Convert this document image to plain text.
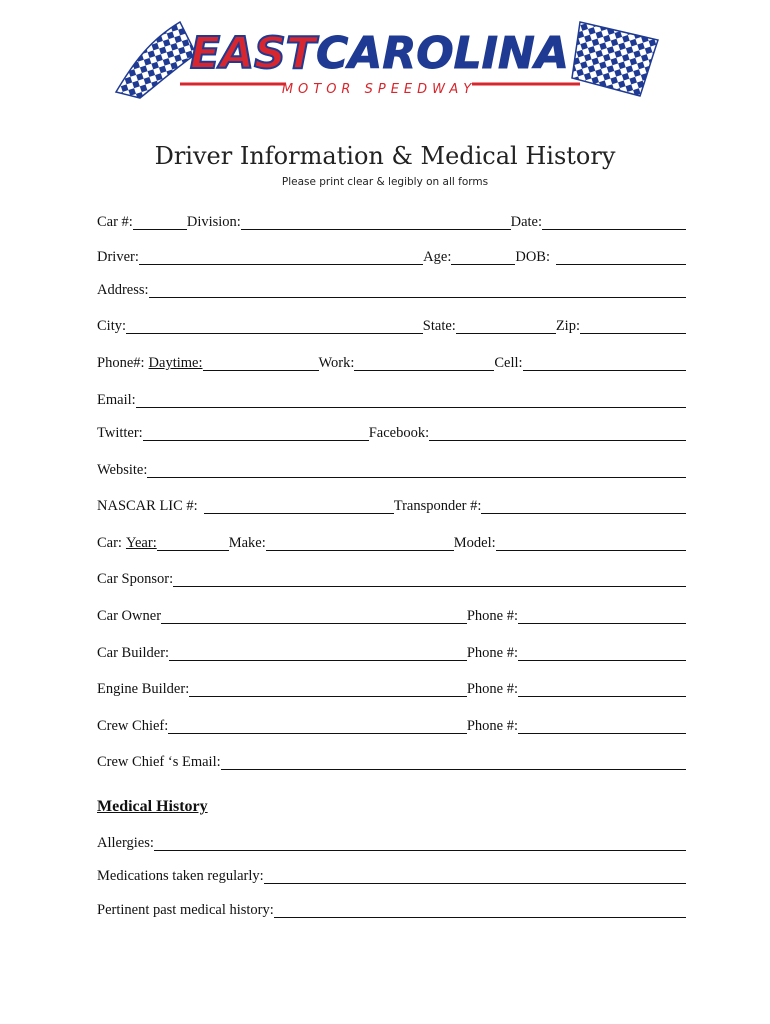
EAST CAROLINA
MOTOR SPEEDWAY
Driver Information & Medical History
Please print clear & legibly on all forms
Car #:	Division:	Date:
Driver:	Age:	DOB:
Address:
City:	State:	Zip:
Phone#: Daytime:	Work:	Cell:
Email:
Twitter:	Facebook:
Website:
NASCAR LIC #:	Transponder #:
Car: Year:	Make:	Model:
Car Sponsor:
Car Owner	Phone #:
Car Builder:	Phone #:
Engine Builder:	Phone #:
Crew Chief:	Phone #:
Crew Chief ‘s Email:
Medical History
Allergies:
Medications taken regularly:
Pertinent past medical history:
